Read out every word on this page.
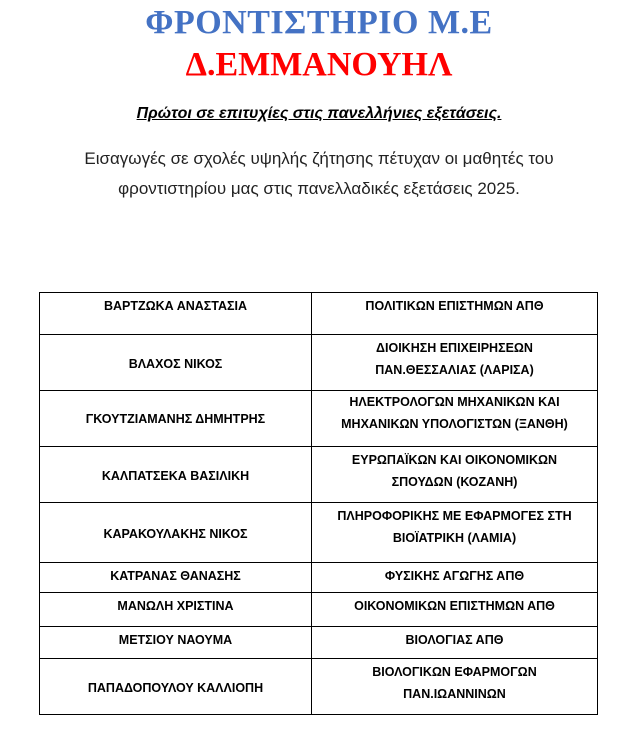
ΦΡΟΝΤΙΣΤΗΡΙΟ Μ.Ε
Δ.ΕΜΜΑΝΟΥΗΛ
Πρώτοι σε επιτυχίες στις πανελλήνιες εξετάσεις.
Εισαγωγές σε σχολές υψηλής ζήτησης πέτυχαν οι μαθητές του
φροντιστηρίου μας στις πανελλαδικές εξετάσεις 2025.
ΒΑΡΤΖΩΚΑ ΑΝΑΣΤΑΣΙΑ	ΠΟΛΙΤΙΚΩΝ ΕΠΙΣΤΗΜΩΝ ΑΠΘ

ΒΛΑΧΟΣ ΝΙΚΟΣ	ΔΙΟΙΚΗΣΗ ΕΠΙΧΕΙΡΗΣΕΩΝ
ΠΑΝ.ΘΕΣΣΑΛΙΑΣ (ΛΑΡΙΣΑ)

ΓΚΟΥΤΖΙΑΜΑΝΗΣ ΔΗΜΗΤΡΗΣ	ΗΛΕΚΤΡΟΛΟΓΩΝ ΜΗΧΑΝΙΚΩΝ ΚΑΙ
ΜΗΧΑΝΙΚΩΝ ΥΠΟΛΟΓΙΣΤΩΝ (ΞΑΝΘΗ)

ΚΑΛΠΑΤΣΕΚΑ ΒΑΣΙΛΙΚΗ	ΕΥΡΩΠΑΪΚΩΝ ΚΑΙ ΟΙΚΟΝΟΜΙΚΩΝ
ΣΠΟΥΔΩΝ (ΚΟΖΑΝΗ)

ΚΑΡΑΚΟΥΛΑΚΗΣ ΝΙΚΟΣ	ΠΛΗΡΟΦΟΡΙΚΗΣ ΜΕ ΕΦΑΡΜΟΓΕΣ ΣΤΗ
ΒΙΟΪΑΤΡΙΚΗ (ΛΑΜΙΑ)

ΚΑΤΡΑΝΑΣ ΘΑΝΑΣΗΣ	ΦΥΣΙΚΗΣ ΑΓΩΓΗΣ ΑΠΘ

ΜΑΝΩΛΗ ΧΡΙΣΤΙΝΑ	ΟΙΚΟΝΟΜΙΚΩΝ ΕΠΙΣΤΗΜΩΝ ΑΠΘ

ΜΕΤΣΙΟΥ ΝΑΟΥΜΑ	ΒΙΟΛΟΓΙΑΣ ΑΠΘ

ΠΑΠΑΔΟΠΟΥΛΟΥ ΚΑΛΛΙΟΠΗ	ΒΙΟΛΟΓΙΚΩΝ ΕΦΑΡΜΟΓΩΝ
ΠΑΝ.ΙΩΑΝΝΙΝΩΝ
